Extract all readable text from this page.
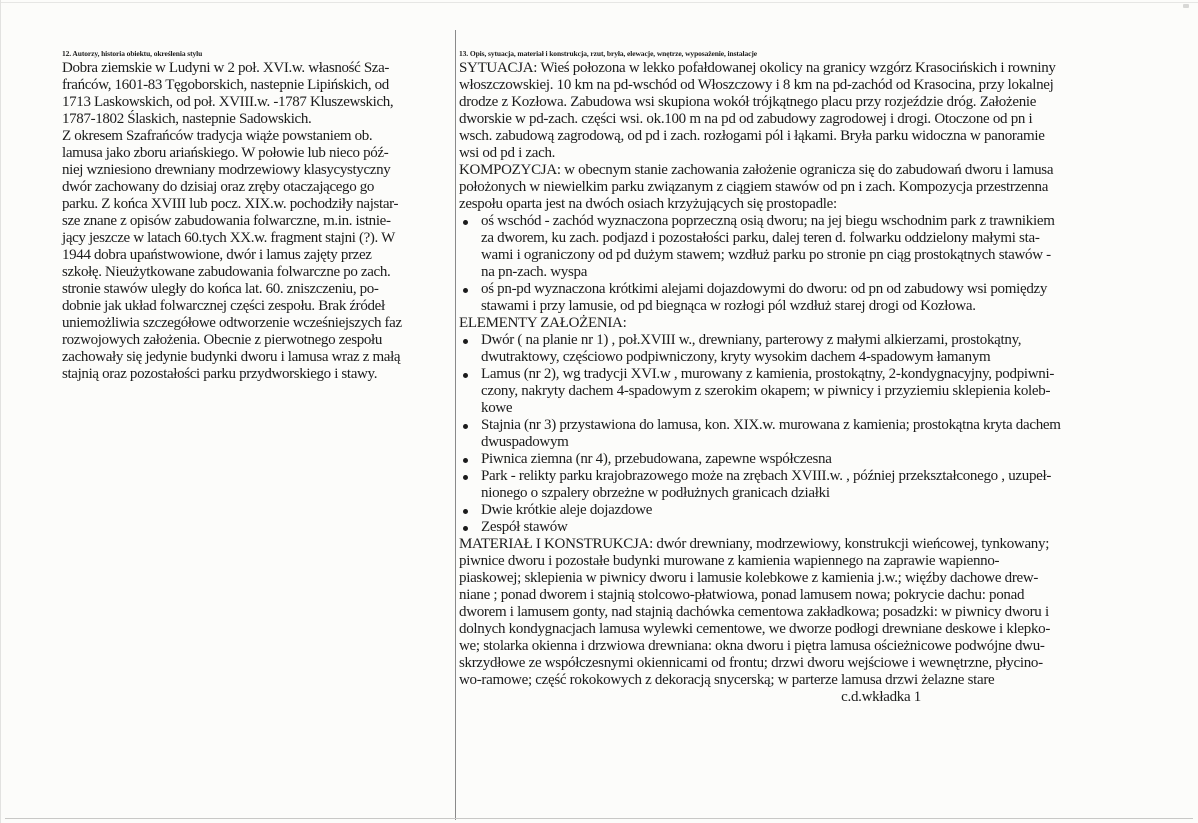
12. Autorzy, historia obiektu, określenia stylu
Dobra ziemskie w Ludyni w 2 poł. XVI.w. własność Sza-
frańców, 1601-83 Tęgoborskich, nastepnie Lipińskich, od
1713 Laskowskich, od poł. XVIII.w. -1787 Kluszewskich,
1787-1802 Ślaskich, nastepnie Sadowskich.
Z okresem Szafrańców tradycja wiąże powstaniem ob.
lamusa jako zboru ariańskiego. W połowie lub nieco póź-
niej wzniesiono drewniany modrzewiowy klasycystyczny
dwór zachowany do dzisiaj oraz zręby otaczającego go
parku. Z końca XVIII lub pocz. XIX.w. pochodziły najstar-
sze znane z opisów zabudowania folwarczne, m.in. istnie-
jący jeszcze w latach 60.tych XX.w. fragment stajni (?). W
1944 dobra upaństwowione, dwór i lamus zajęty przez
szkołę. Nieużytkowane zabudowania folwarczne po zach.
stronie stawów uległy do końca lat. 60. zniszczeniu, po-
dobnie jak układ folwarcznej części zespołu. Brak źródeł
uniemożliwia szczegółowe odtworzenie wcześniejszych faz
rozwojowych założenia. Obecnie z pierwotnego zespołu
zachowały się jedynie budynki dworu i lamusa wraz z małą
stajnią oraz pozostałości parku przydworskiego i stawy.
13. Opis, sytuacja, materiał i konstrukcja, rzut, bryła, elewacje, wnętrze, wyposażenie, instalacje
SYTUACJA: Wieś połozona w lekko pofałdowanej okolicy na granicy wzgórz Krasocińskich i rowniny
włoszczowskiej. 10 km na pd-wschód od Włoszczowy i 8 km na pd-zachód od Krasocina, przy lokalnej
drodze z Kozłowa. Zabudowa wsi skupiona wokół trójkątnego placu przy rozjeździe dróg. Założenie
dworskie w pd-zach. części wsi. ok.100 m na pd od zabudowy zagrodowej i drogi. Otoczone od pn i
wsch. zabudową zagrodową, od pd i zach. rozłogami pól i łąkami. Bryła parku widoczna w panoramie
wsi od pd i zach.
KOMPOZYCJA: w obecnym stanie zachowania założenie ogranicza się do zabudowań dworu i lamusa
położonych w niewielkim parku związanym z ciągiem stawów od pn i zach. Kompozycja przestrzenna
zespołu oparta jest na dwóch osiach krzyżujących się prostopadle:
oś wschód - zachód wyznaczona poprzeczną osią dworu; na jej biegu wschodnim park z trawnikiem
za dworem, ku zach. podjazd i pozostałości parku, dalej teren d. folwarku oddzielony małymi sta-
wami i ograniczony od pd dużym stawem; wzdłuż parku po stronie pn ciąg prostokątnych stawów -
na pn-zach. wyspa
oś pn-pd wyznaczona krótkimi alejami dojazdowymi do dworu: od pn od zabudowy wsi pomiędzy
stawami i przy lamusie, od pd biegnąca w rozłogi pól wzdłuż starej drogi od Kozłowa.
ELEMENTY ZAŁOŻENIA:
Dwór ( na planie nr 1) , poł.XVIII w., drewniany, parterowy z małymi alkierzami, prostokątny,
dwutraktowy, częściowo podpiwniczony, kryty wysokim dachem 4-spadowym łamanym
Lamus (nr 2), wg tradycji XVI.w , murowany z kamienia, prostokątny, 2-kondygnacyjny, podpiwni-
czony, nakryty dachem 4-spadowym z szerokim okapem; w piwnicy i przyziemiu sklepienia koleb-
kowe
Stajnia (nr 3) przystawiona do lamusa, kon. XIX.w. murowana z kamienia; prostokątna kryta dachem
dwuspadowym
Piwnica ziemna (nr 4), przebudowana, zapewne współczesna
Park - relikty parku krajobrazowego może na zrębach XVIII.w. , później przekształconego , uzupeł-
nionego o szpalery obrzeżne w podłużnych granicach działki
Dwie krótkie aleje dojazdowe
Zespół stawów
MATERIAŁ I KONSTRUKCJA: dwór drewniany, modrzewiowy, konstrukcji wieńcowej, tynkowany;
piwnice dworu i pozostałe budynki murowane z kamienia wapiennego na zaprawie wapienno-
piaskowej; sklepienia w piwnicy dworu i lamusie kolebkowe z kamienia j.w.; więźby dachowe drew-
niane ; ponad dworem i stajnią stolcowo-płatwiowa, ponad lamusem nowa; pokrycie dachu: ponad
dworem i lamusem gonty, nad stajnią dachówka cementowa zakładkowa; posadzki: w piwnicy dworu i
dolnych kondygnacjach lamusa wylewki cementowe, we dworze podłogi drewniane deskowe i klepko-
we; stolarka okienna i drzwiowa drewniana: okna dworu i piętra lamusa ościeżnicowe podwójne dwu-
skrzydłowe ze współczesnymi okiennicami od frontu; drzwi dworu wejściowe i wewnętrzne, płycino-
wo-ramowe; część rokokowych z dekoracją snycerską; w parterze lamusa drzwi żelazne stare
c.d.wkładka 1
